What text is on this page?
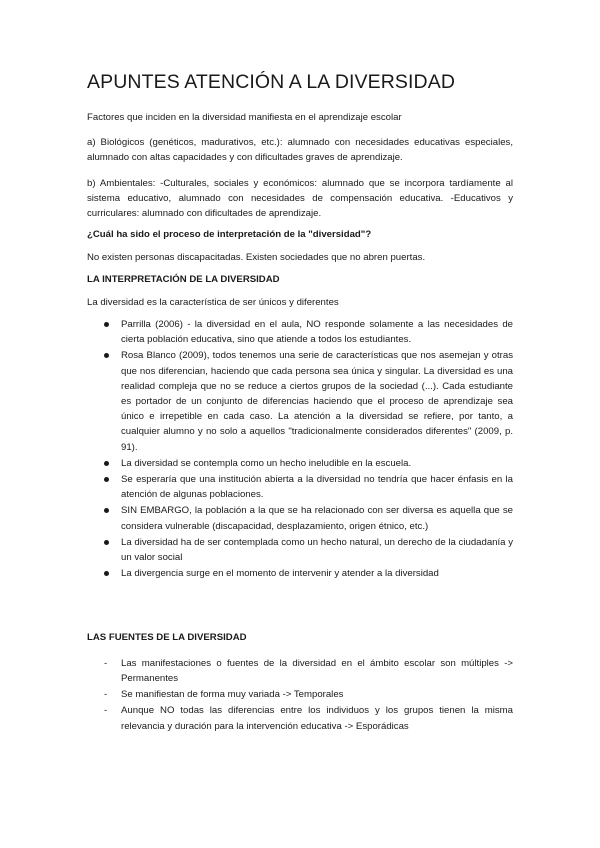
APUNTES ATENCIÓN A LA DIVERSIDAD

Factores que inciden en la diversidad manifiesta en el aprendizaje escolar

a) Biológicos (genéticos, madurativos, etc.): alumnado con necesidades educativas especiales, alumnado con altas capacidades y con dificultades graves de aprendizaje.

b) Ambientales: -Culturales, sociales y económicos: alumnado que se incorpora tardíamente al sistema educativo, alumnado con necesidades de compensación educativa. -Educativos y curriculares: alumnado con dificultades de aprendizaje.

¿Cuál ha sido el proceso de interpretación de la "diversidad"?

No existen personas discapacitadas. Existen sociedades que no abren puertas.

LA INTERPRETACIÓN DE LA DIVERSIDAD

La diversidad es la característica de ser únicos y diferentes

Parrilla (2006) - la diversidad en el aula, NO responde solamente a las necesidades de cierta población educativa, sino que atiende a todos los estudiantes.
Rosa Blanco (2009), todos tenemos una serie de características que nos asemejan y otras que nos diferencian, haciendo que cada persona sea única y singular. La diversidad es una realidad compleja que no se reduce a ciertos grupos de la sociedad (...). Cada estudiante es portador de un conjunto de diferencias haciendo que el proceso de aprendizaje sea único e irrepetible en cada caso. La atención a la diversidad se refiere, por tanto, a cualquier alumno y no solo a aquellos "tradicionalmente considerados diferentes" (2009, p. 91).
La diversidad se contempla como un hecho ineludible en la escuela.
Se esperaría que una institución abierta a la diversidad no tendría que hacer énfasis en la atención de algunas poblaciones.
SIN EMBARGO, la población a la que se ha relacionado con ser diversa es aquella que se considera vulnerable (discapacidad, desplazamiento, origen étnico, etc.)
La diversidad ha de ser contemplada como un hecho natural, un derecho de la ciudadanía y un valor social
La divergencia surge en el momento de intervenir y atender a la diversidad

LAS FUENTES DE LA DIVERSIDAD

- Las manifestaciones o fuentes de la diversidad en el ámbito escolar son múltiples -> Permanentes
- Se manifiestan de forma muy variada -> Temporales
- Aunque NO todas las diferencias entre los individuos y los grupos tienen la misma relevancia y duración para la intervención educativa -> Esporádicas
